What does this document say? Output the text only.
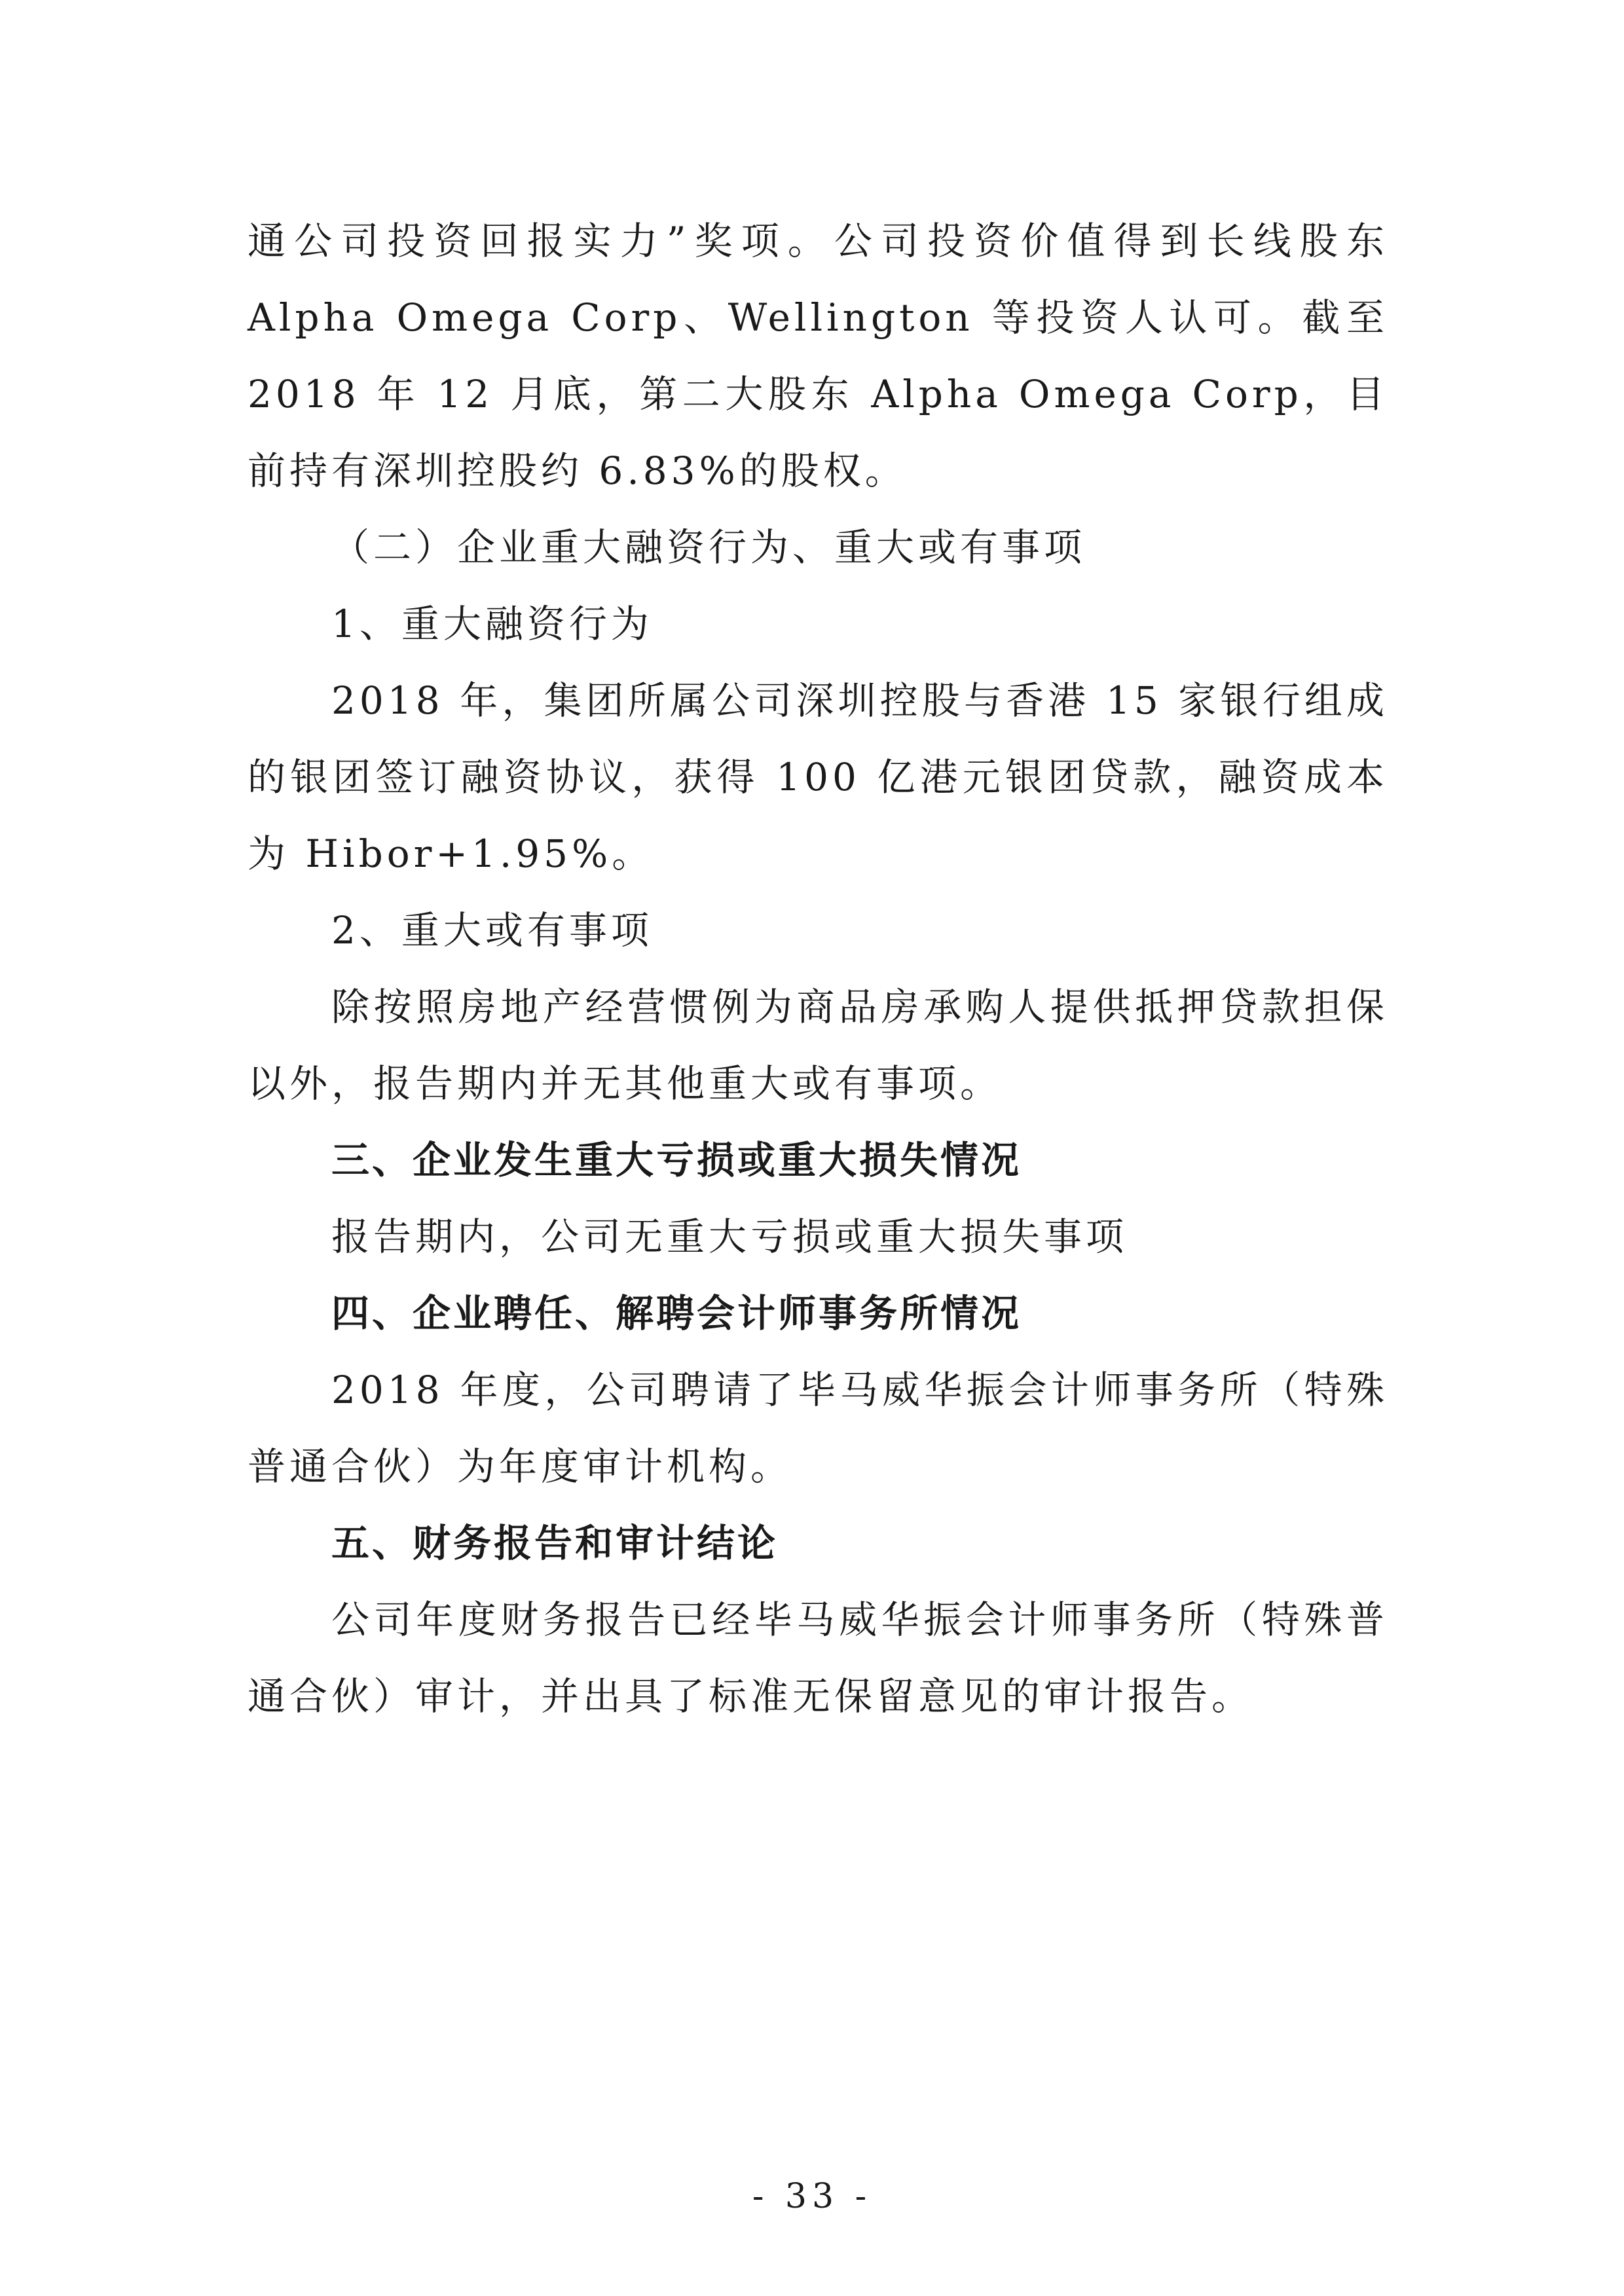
通公司投资回报实力”奖项。公司投资价值得到长线股东Alpha Omega Corp、Wellington 等投资人认可。截至 2018 年 12 月底，第二大股东 Alpha Omega Corp，目前持有深圳控股约 6.83%的股权。

（二）企业重大融资行为、重大或有事项

1、重大融资行为

2018 年，集团所属公司深圳控股与香港 15 家银行组成的银团签订融资协议，获得 100 亿港元银团贷款，融资成本为 Hibor+1.95%。

2、重大或有事项

除按照房地产经营惯例为商品房承购人提供抵押贷款担保以外，报告期内并无其他重大或有事项。

三、企业发生重大亏损或重大损失情况

报告期内，公司无重大亏损或重大损失事项

四、企业聘任、解聘会计师事务所情况

2018 年度，公司聘请了毕马威华振会计师事务所（特殊普通合伙）为年度审计机构。

五、财务报告和审计结论

公司年度财务报告已经毕马威华振会计师事务所（特殊普通合伙）审计，并出具了标准无保留意见的审计报告。

- 33 -
